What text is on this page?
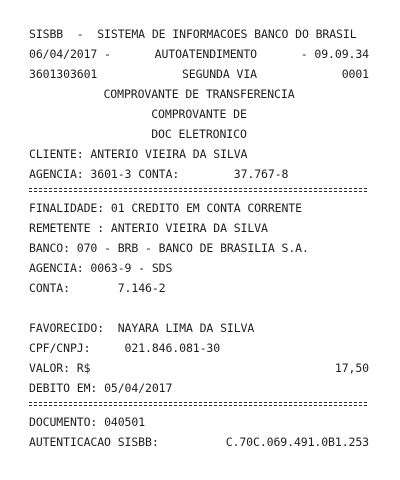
SISBB  -  SISTEMA DE INFORMACOES BANCO DO BRASIL
06/04/2017 -	AUTOATENDIMENTO	- 09.09.34
3601303601	SEGUNDA VIA	0001
COMPROVANTE DE TRANSFERENCIA
COMPROVANTE DE
DOC ELETRONICO
CLIENTE: ANTERIO VIEIRA DA SILVA
AGENCIA: 3601-3 CONTA:	37.767-8
FINALIDADE: 01 CREDITO EM CONTA CORRENTE
REMETENTE : ANTERIO VIEIRA DA SILVA
BANCO: 070 - BRB - BANCO DE BRASILIA S.A.
AGENCIA: 0063-9 - SDS
CONTA:	7.146-2
FAVORECIDO: NAYARA LIMA DA SILVA
CPF/CNPJ:	021.846.081-30
VALOR: R$	17,50
DEBITO EM: 05/04/2017
DOCUMENTO: 040501
AUTENTICACAO SISBB:	C.70C.069.491.0B1.253
